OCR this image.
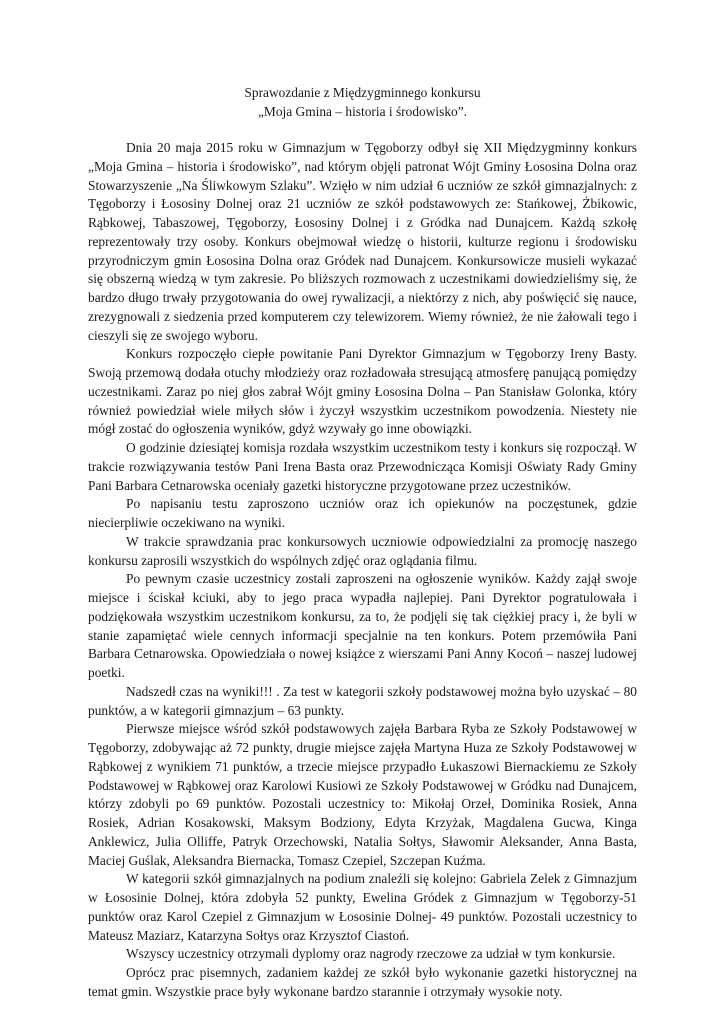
Sprawozdanie z Międzygminnego konkursu
„Moja Gmina – historia i środowisko”.

Dnia 20 maja 2015 roku w Gimnazjum w Tęgoborzy odbył się XII Międzygminny konkurs „Moja Gmina – historia i środowisko”, nad którym objęli patronat Wójt Gminy Łososina Dolna oraz Stowarzyszenie „Na Śliwkowym Szlaku”. Wzięło w nim udział 6 uczniów ze szkół gimnazjalnych: z Tęgoborzy i Łososiny Dolnej oraz 21 uczniów ze szkół podstawowych ze: Stańkowej, Żbikowic, Rąbkowej, Tabaszowej, Tęgoborzy, Łososiny Dolnej i z Gródka nad Dunajcem. Każdą szkołę reprezentowały trzy osoby. Konkurs obejmował wiedzę o historii, kulturze regionu i środowisku przyrodniczym gmin Łososina Dolna oraz Gródek nad Dunajcem. Konkursowicze musieli wykazać się obszerną wiedzą w tym zakresie. Po bliższych rozmowach z uczestnikami dowiedzieliśmy się, że bardzo długo trwały przygotowania do owej rywalizacji, a niektórzy z nich, aby poświęcić się nauce, zrezygnowali z siedzenia przed komputerem czy telewizorem. Wiemy również, że nie żałowali tego i cieszyli się ze swojego wyboru.

Konkurs rozpoczęło ciepłe powitanie Pani Dyrektor Gimnazjum w Tęgoborzy Ireny Basty. Swoją przemową dodała otuchy młodzieży oraz rozładowała stresującą atmosferę panującą pomiędzy uczestnikami. Zaraz po niej głos zabrał Wójt gminy Łososina Dolna – Pan Stanisław Golonka, który również powiedział wiele miłych słów i życzył wszystkim uczestnikom powodzenia. Niestety nie mógł zostać do ogłoszenia wyników, gdyż wzywały go inne obowiązki.

O godzinie dziesiątej komisja rozdała wszystkim uczestnikom testy i konkurs się rozpoczął. W trakcie rozwiązywania testów Pani Irena Basta oraz Przewodnicząca Komisji Oświaty Rady Gminy Pani Barbara Cetnarowska oceniały gazetki historyczne przygotowane przez uczestników.

Po napisaniu testu zaproszono uczniów oraz ich opiekunów na poczęstunek, gdzie niecierpliwie oczekiwano na wyniki.

W trakcie sprawdzania prac konkursowych uczniowie odpowiedzialni za promocję naszego konkursu zaprosili wszystkich do wspólnych zdjęć oraz oglądania filmu.

Po pewnym czasie uczestnicy zostali zaproszeni na ogłoszenie wyników. Każdy zajął swoje miejsce i ściskał kciuki, aby to jego praca wypadła najlepiej. Pani Dyrektor pogratulowała i podziękowała wszystkim uczestnikom konkursu, za to, że podjęli się tak ciężkiej pracy i, że byli w stanie zapamiętać wiele cennych informacji specjalnie na ten konkurs. Potem przemówiła Pani Barbara Cetnarowska. Opowiedziała o nowej książce z wierszami Pani Anny Kocoń – naszej ludowej poetki.

Nadszedł czas na wyniki!!! . Za test w kategorii szkoły podstawowej można było uzyskać – 80 punktów, a w kategorii gimnazjum – 63 punkty.

Pierwsze miejsce wśród szkół podstawowych zajęła Barbara Ryba ze Szkoły Podstawowej w Tęgoborzy, zdobywając aż 72 punkty, drugie miejsce zajęła Martyna Huza ze Szkoły Podstawowej w Rąbkowej z wynikiem 71 punktów, a trzecie miejsce przypadło Łukaszowi Biernackiemu ze Szkoły Podstawowej w Rąbkowej oraz Karolowi Kusiowi ze Szkoły Podstawowej w Gródku nad Dunajcem, którzy zdobyli po 69 punktów. Pozostali uczestnicy to: Mikołaj Orzeł, Dominika Rosiek, Anna Rosiek, Adrian Kosakowski, Maksym Bodziony, Edyta Krzyżak, Magdalena Gucwa, Kinga Anklewicz, Julia Olliffe, Patryk Orzechowski, Natalia Sołtys, Sławomir Aleksander, Anna Basta, Maciej Guślak, Aleksandra Biernacka, Tomasz Czepiel, Szczepan Kuźma.

W kategorii szkół gimnazjalnych na podium znaleźli się kolejno: Gabriela Zelek z Gimnazjum w Łososinie Dolnej, która zdobyła 52 punkty, Ewelina Gródek z Gimnazjum w Tęgoborzy-51 punktów oraz Karol Czepiel z Gimnazjum w Łososinie Dolnej- 49 punktów. Pozostali uczestnicy to Mateusz Maziarz, Katarzyna Sołtys oraz Krzysztof Ciastoń.

Wszyscy uczestnicy otrzymali dyplomy oraz nagrody rzeczowe za udział w tym konkursie.

Oprócz prac pisemnych, zadaniem każdej ze szkół było wykonanie gazetki historycznej na temat gmin. Wszystkie prace były wykonane bardzo starannie i otrzymały wysokie noty.
